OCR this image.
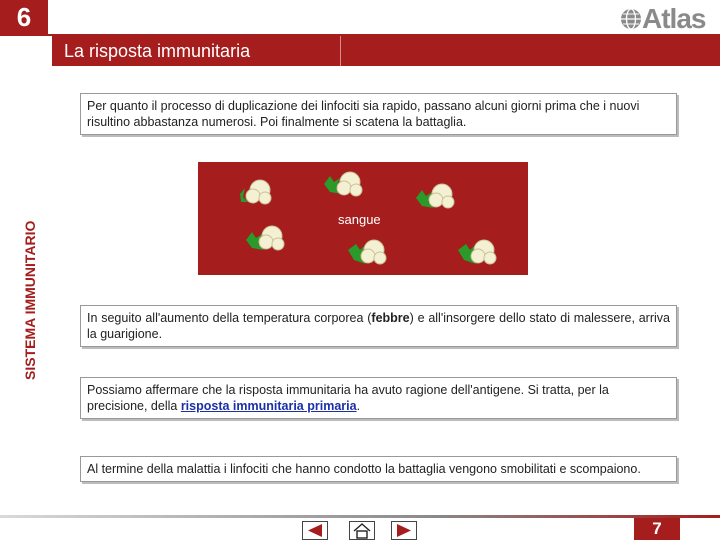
6
La risposta immunitaria
Atlas
SISTEMA IMMUNITARIO
Per quanto il processo di duplicazione dei linfociti sia rapido, passano alcuni giorni prima che i nuovi risultino abbastanza numerosi. Poi finalmente si scatena la battaglia.
sangue
In seguito all'aumento della temperatura corporea (febbre) e all'insorgere dello stato di malessere, arriva la guarigione.
Possiamo affermare che la risposta immunitaria ha avuto ragione dell'antigene. Si tratta, per la precisione, della risposta immunitaria primaria.
Al termine della malattia i linfociti che hanno condotto la battaglia vengono smobilitati e scompaiono.
7
